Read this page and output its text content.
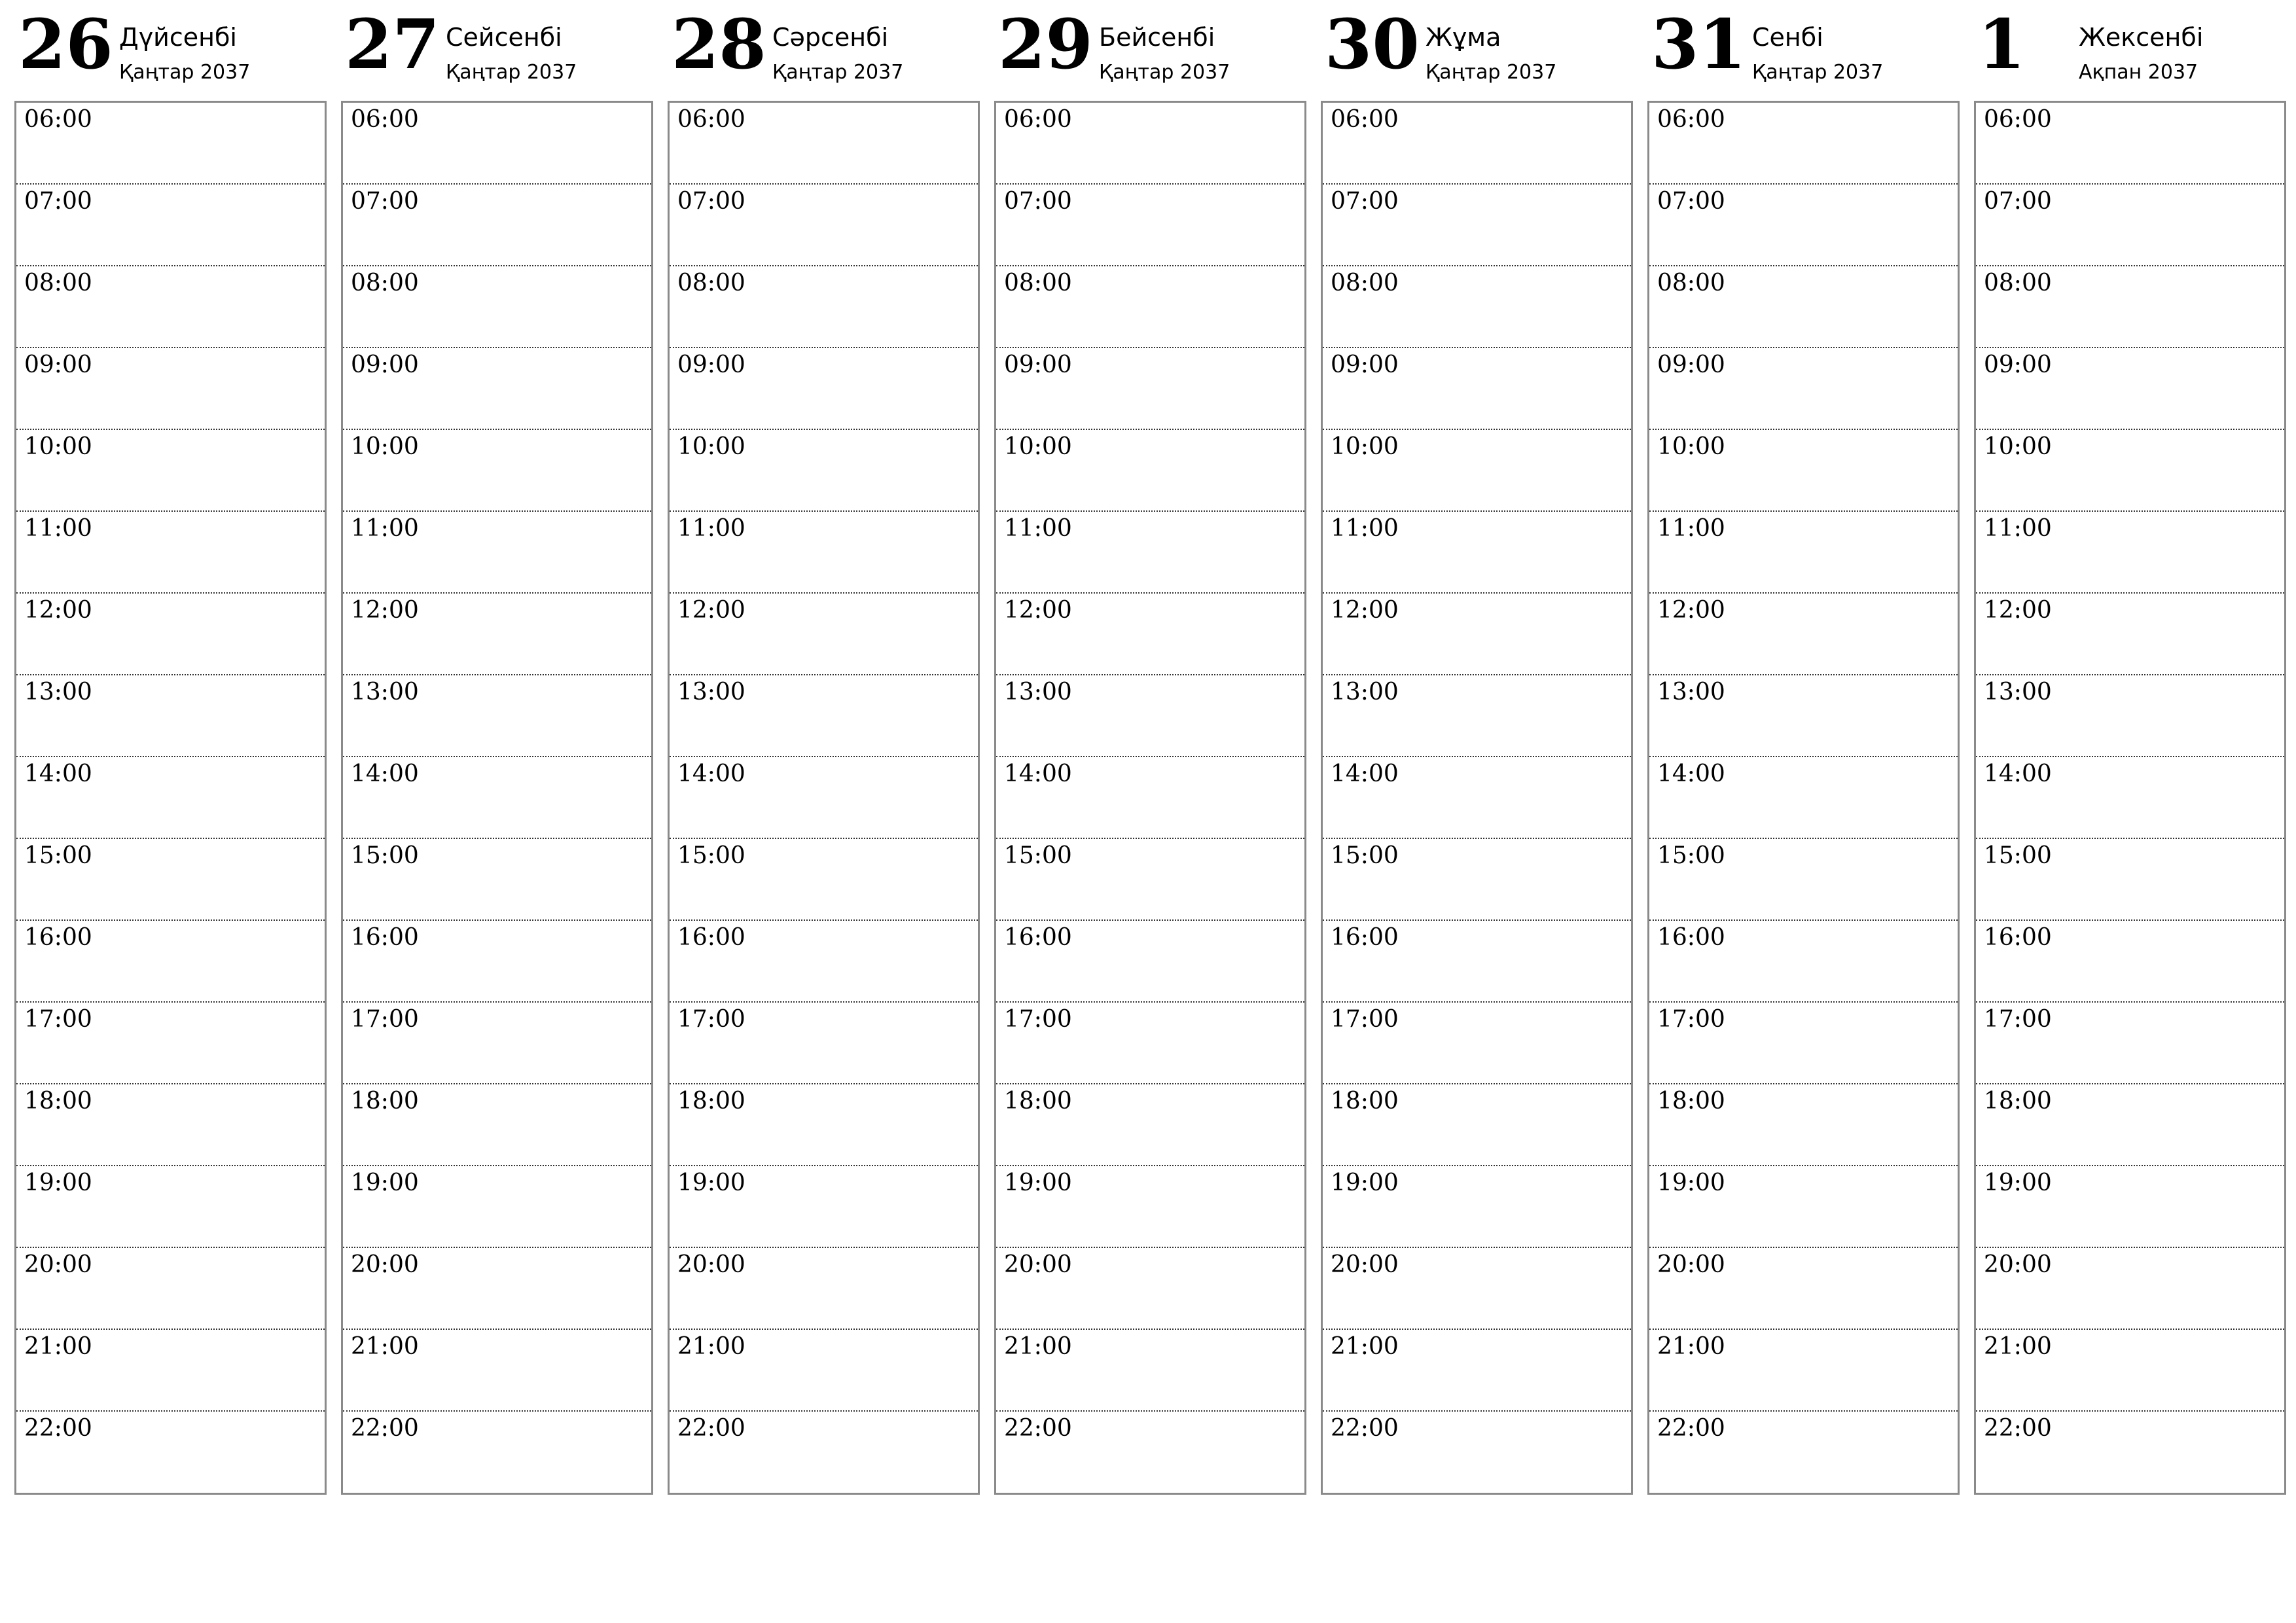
26 Дүйсенбі
Қаңтар 2037
06:00
07:00
08:00
09:00
10:00
11:00
12:00
13:00
14:00
15:00
16:00
17:00
18:00
19:00
20:00
21:00
22:00
27 Сейсенбі
Қаңтар 2037
06:00
07:00
08:00
09:00
10:00
11:00
12:00
13:00
14:00
15:00
16:00
17:00
18:00
19:00
20:00
21:00
22:00
28 Сәрсенбі
Қаңтар 2037
06:00
07:00
08:00
09:00
10:00
11:00
12:00
13:00
14:00
15:00
16:00
17:00
18:00
19:00
20:00
21:00
22:00
29 Бейсенбі
Қаңтар 2037
06:00
07:00
08:00
09:00
10:00
11:00
12:00
13:00
14:00
15:00
16:00
17:00
18:00
19:00
20:00
21:00
22:00
30 Жұма
Қаңтар 2037
06:00
07:00
08:00
09:00
10:00
11:00
12:00
13:00
14:00
15:00
16:00
17:00
18:00
19:00
20:00
21:00
22:00
31 Сенбі
Қаңтар 2037
06:00
07:00
08:00
09:00
10:00
11:00
12:00
13:00
14:00
15:00
16:00
17:00
18:00
19:00
20:00
21:00
22:00
1 Жексенбі
Ақпан 2037
06:00
07:00
08:00
09:00
10:00
11:00
12:00
13:00
14:00
15:00
16:00
17:00
18:00
19:00
20:00
21:00
22:00
